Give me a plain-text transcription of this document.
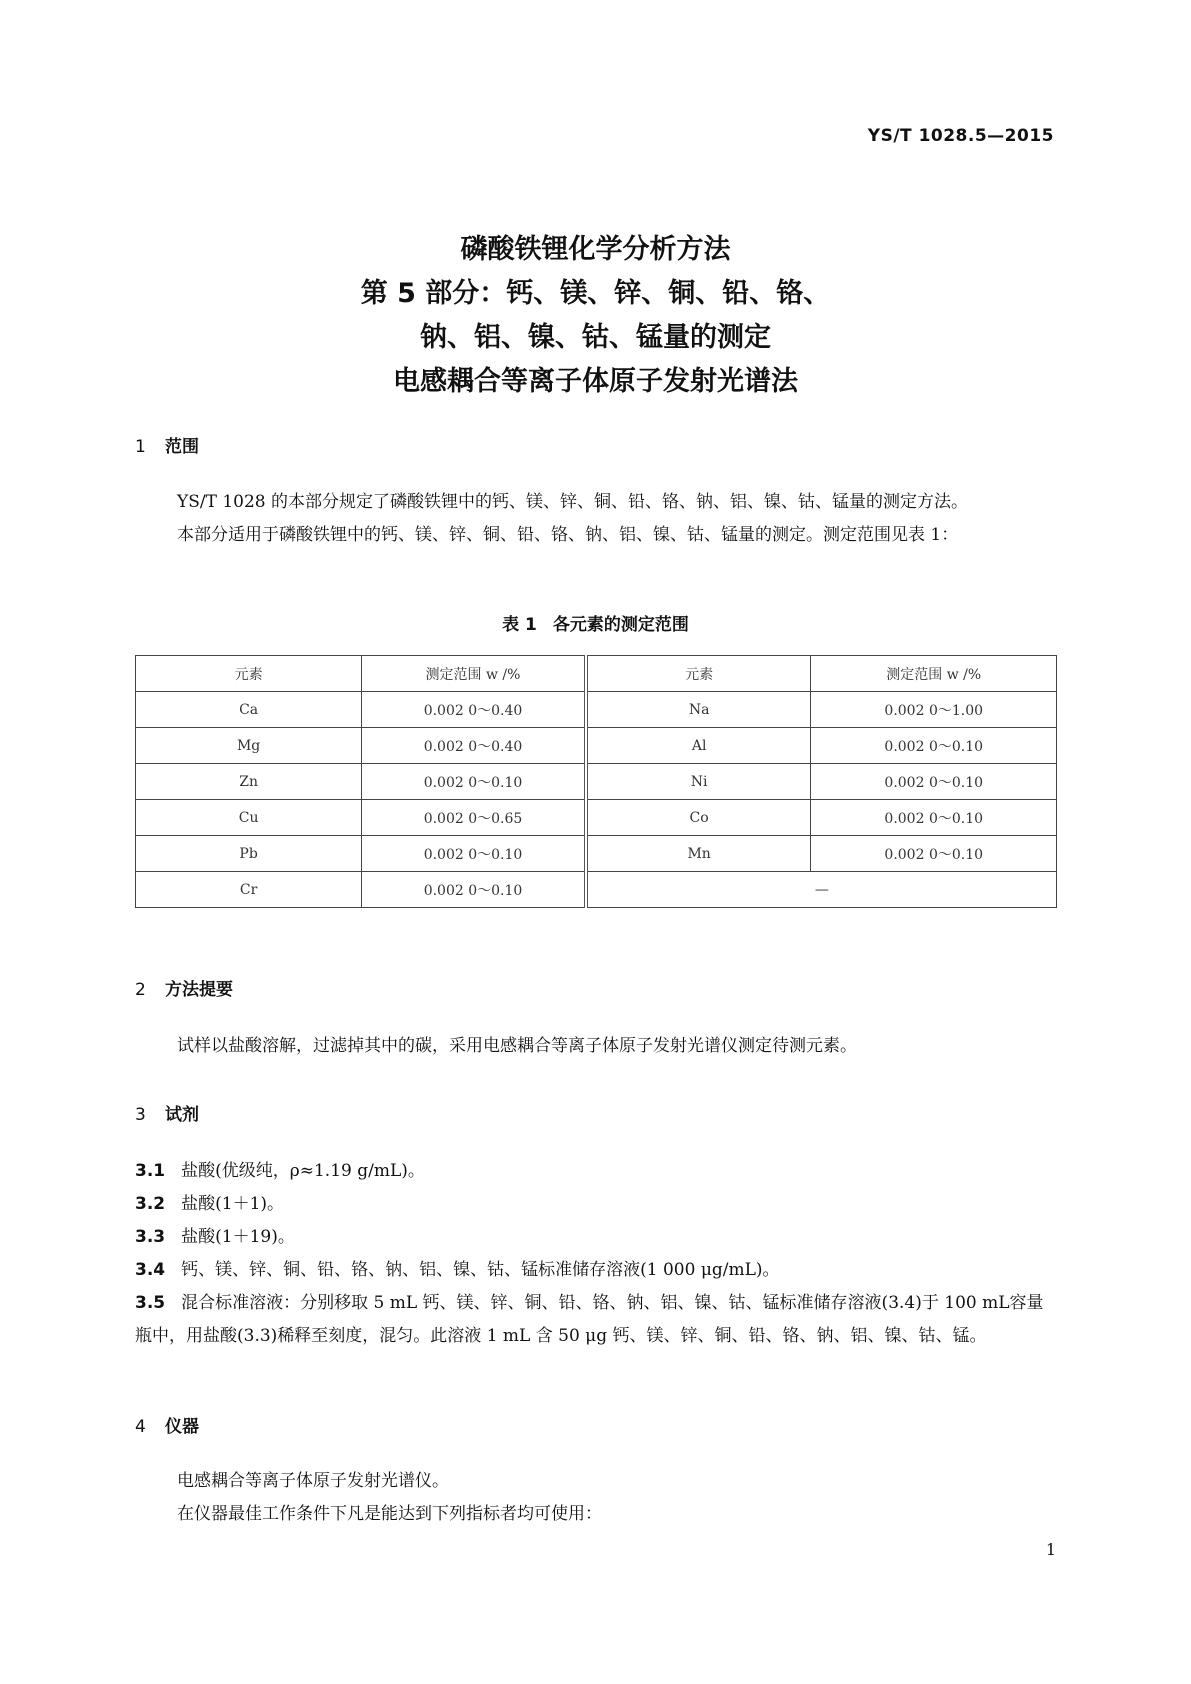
YS/T 1028.5—2015
磷酸铁锂化学分析方法
第 5 部分：钙、镁、锌、铜、铅、铬、
钠、铝、镍、钴、锰量的测定
电感耦合等离子体原子发射光谱法
1 范围
YS/T 1028 的本部分规定了磷酸铁锂中的钙、镁、锌、铜、铅、铬、钠、铝、镍、钴、锰量的测定方法。
本部分适用于磷酸铁锂中的钙、镁、锌、铜、铅、铬、钠、铝、镍、钴、锰量的测定。测定范围见表 1：
表 1 各元素的测定范围
元素	测定范围 w /%	元素	测定范围 w /%
Ca	0.002 0～0.40	Na	0.002 0～1.00
Mg	0.002 0～0.40	Al	0.002 0～0.10
Zn	0.002 0～0.10	Ni	0.002 0～0.10
Cu	0.002 0～0.65	Co	0.002 0～0.10
Pb	0.002 0～0.10	Mn	0.002 0～0.10
Cr	0.002 0～0.10	—	
2 方法提要
试样以盐酸溶解，过滤掉其中的碳，采用电感耦合等离子体原子发射光谱仪测定待测元素。
3 试剂
3.1 盐酸(优级纯，ρ≈1.19 g/mL)。
3.2 盐酸(1＋1)。
3.3 盐酸(1＋19)。
3.4 钙、镁、锌、铜、铅、铬、钠、铝、镍、钴、锰标准储存溶液(1 000 μg/mL)。
3.5 混合标准溶液：分别移取 5 mL 钙、镁、锌、铜、铅、铬、钠、铝、镍、钴、锰标准储存溶液(3.4)于 100 mL容量瓶中，用盐酸(3.3)稀释至刻度，混匀。此溶液 1 mL 含 50 μg 钙、镁、锌、铜、铅、铬、钠、铝、镍、钴、锰。
4 仪器
电感耦合等离子体原子发射光谱仪。
在仪器最佳工作条件下凡是能达到下列指标者均可使用：
1
